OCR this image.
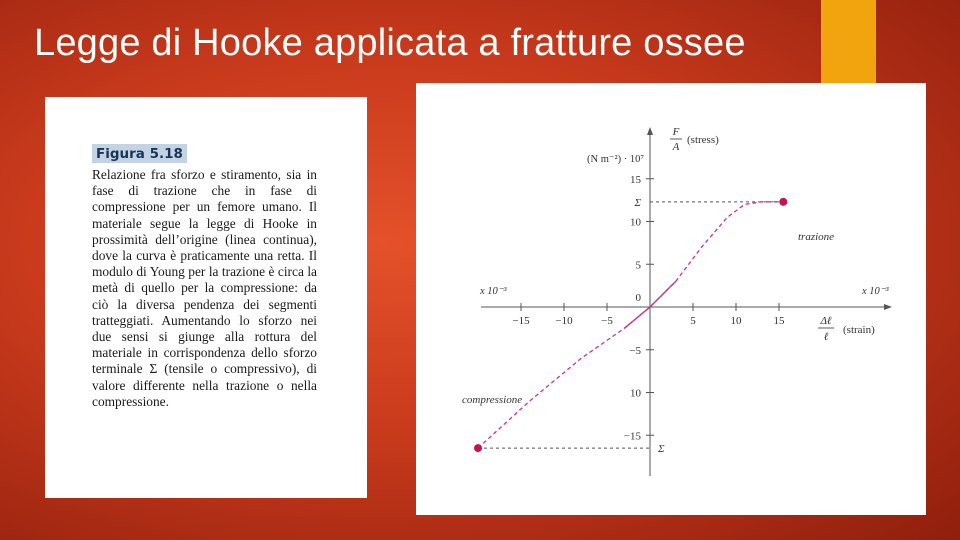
Legge di Hooke applicata a fratture ossee
Figura 5.18

Relazione fra sforzo e stiramento, sia in fase di trazione che in fase di compressione per un femore umano. Il materiale segue la legge di Hooke in prossimità dell’origine (linea continua), dove la curva è praticamente una retta. Il modulo di Young per la trazione è circa la metà di quello per la compressione: da ciò la diversa pendenza dei segmenti tratteggiati. Aumentando lo sforzo nei due sensi si giunge alla rottura del materiale in corrispondenza dello sforzo terminale Σ (tensile o compressivo), di valore differente nella trazione o nella compressione.

−15 −10	−5	5	10	15
15
10
5
0
−5
10
−15
Σ
Σ
trazione
compressione
F
A
(stress)
(N m⁻²) · 10⁷
Δℓ
ℓ
(strain)
x 10⁻³	x 10⁻³
